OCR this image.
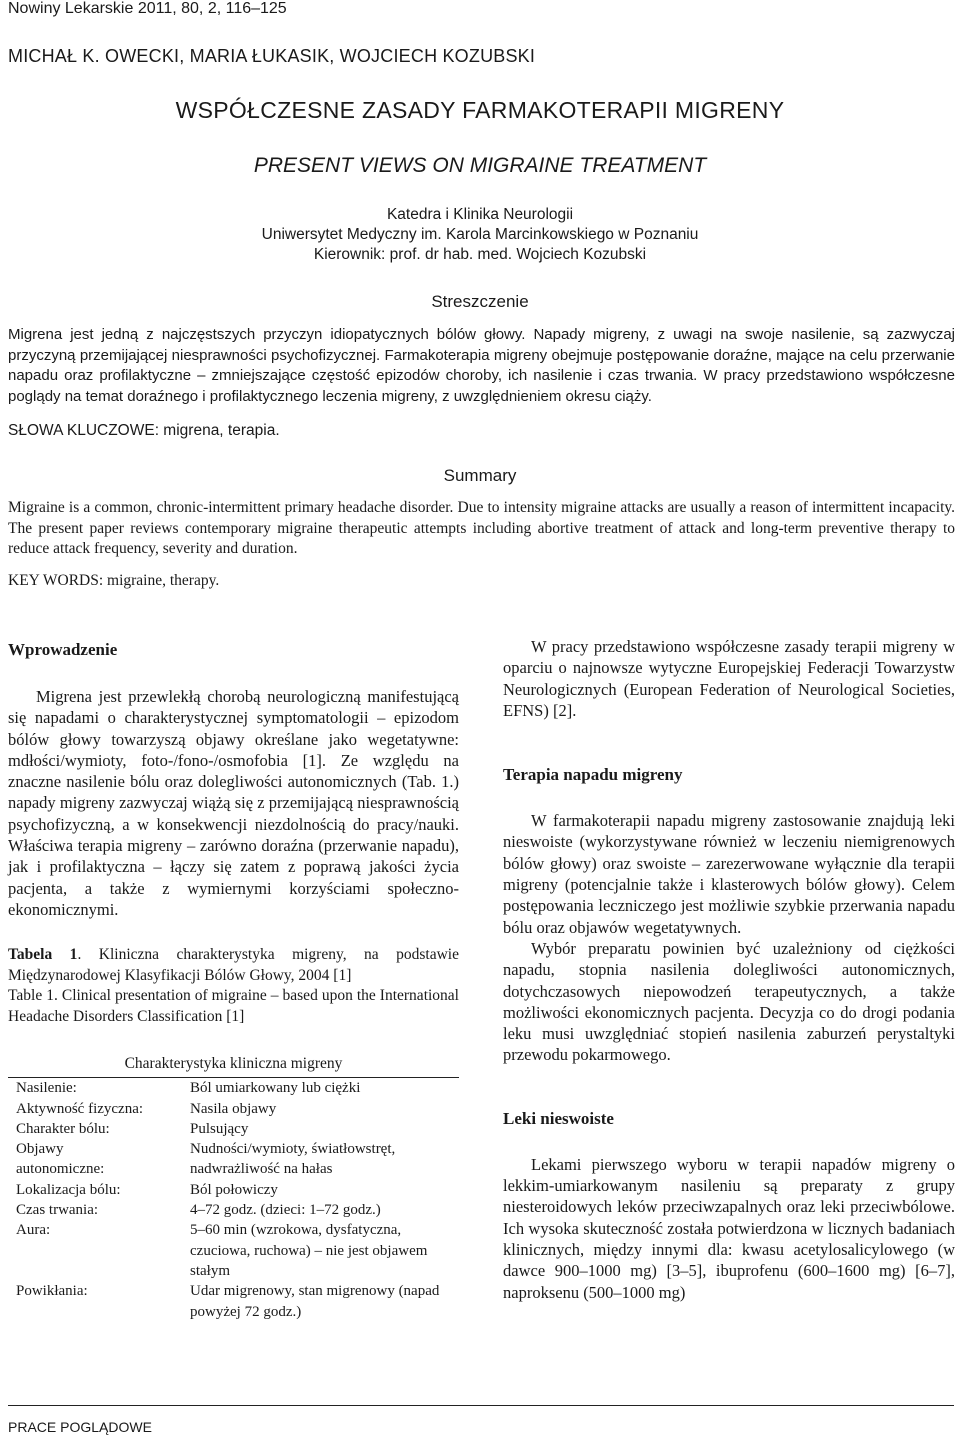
Nowiny Lekarskie 2011, 80, 2, 116–125
MICHAŁ K. OWECKI, MARIA ŁUKASIK, WOJCIECH KOZUBSKI
WSPÓŁCZESNE ZASADY FARMAKOTERAPII MIGRENY
PRESENT VIEWS ON MIGRAINE TREATMENT
Katedra i Klinika Neurologii
Uniwersytet Medyczny im. Karola Marcinkowskiego w Poznaniu
Kierownik: prof. dr hab. med. Wojciech Kozubski
Streszczenie
Migrena jest jedną z najczęstszych przyczyn idiopatycznych bólów głowy. Napady migreny, z uwagi na swoje nasilenie, są zazwyczaj przyczyną przemijającej niesprawności psychofizycznej. Farmakoterapia migreny obejmuje postępowanie doraźne, mające na celu przerwanie napadu oraz profilaktyczne – zmniejszające częstość epizodów choroby, ich nasilenie i czas trwania. W pracy przedstawiono współczesne poglądy na temat doraźnego i profilaktycznego leczenia migreny, z uwzględnieniem okresu ciąży.
SŁOWA KLUCZOWE: migrena, terapia.
Summary
Migraine is a common, chronic-intermittent primary headache disorder. Due to intensity migraine attacks are usually a reason of intermittent incapacity. The present paper reviews contemporary migraine therapeutic attempts including abortive treatment of attack and long-term preventive therapy to reduce attack frequency, severity and duration.
KEY WORDS: migraine, therapy.
Wprowadzenie

Migrena jest przewlekłą chorobą neurologiczną manifestującą się napadami o charakterystycznej symptomatologii – epizodom bólów głowy towarzyszą objawy określane jako wegetatywne: mdłości/wymioty, foto-/fono-/osmofobia [1]. Ze względu na znaczne nasilenie bólu oraz dolegliwości autonomicznych (Tab. 1.) napady migreny zazwyczaj wiążą się z przemijającą niesprawnością psychofizyczną, a w konsekwencji niezdolnością do pracy/nauki. Właściwa terapia migreny – zarówno doraźna (przerwanie napadu), jak i profilaktyczna – łączy się zatem z poprawą jakości życia pacjenta, a także z wymiernymi korzyściami społeczno-ekonomicznymi.

Tabela 1. Kliniczna charakterystyka migreny, na podstawie Międzynarodowej Klasyfikacji Bólów Głowy, 2004 [1]

Table 1. Clinical presentation of migraine – based upon the International Headache Disorders Classification [1]

Charakterystyka kliniczna migreny

Nasilenie:	Ból umiarkowany lub ciężki
Aktywność fizyczna:	Nasila objawy
Charakter bólu:	Pulsujący
Objawy autonomiczne:	Nudności/wymioty, światłowstręt, nadwrażliwość na hałas
Lokalizacja bólu:	Ból połowiczy
Czas trwania:	4–72 godz. (dzieci: 1–72 godz.)
Aura:	5–60 min (wzrokowa, dysfatyczna, czuciowa, ruchowa) – nie jest objawem stałym
Powikłania:	Udar migrenowy, stan migrenowy (napad powyżej 72 godz.)

W pracy przedstawiono współczesne zasady terapii migreny w oparciu o najnowsze wytyczne Europejskiej Federacji Towarzystw Neurologicznych (European Federation of Neurological Societies, EFNS) [2].

Terapia napadu migreny

W farmakoterapii napadu migreny zastosowanie znajdują leki nieswoiste (wykorzystywane również w leczeniu niemigrenowych bólów głowy) oraz swoiste – zarezerwowane wyłącznie dla terapii migreny (potencjalnie także i klasterowych bólów głowy). Celem postępowania leczniczego jest możliwie szybkie przerwania napadu bólu oraz objawów wegetatywnych.

Wybór preparatu powinien być uzależniony od ciężkości napadu, stopnia nasilenia dolegliwości autonomicznych, dotychczasowych niepowodzeń terapeutycznych, a także możliwości ekonomicznych pacjenta. Decyzja co do drogi podania leku musi uwzględniać stopień nasilenia zaburzeń perystaltyki przewodu pokarmowego.

Leki nieswoiste

Lekami pierwszego wyboru w terapii napadów migreny o lekkim-umiarkowanym nasileniu są preparaty z grupy niesteroidowych leków przeciwzapalnych oraz leki przeciwbólowe. Ich wysoka skuteczność została potwierdzona w licznych badaniach klinicznych, między innymi dla: kwasu acetylosalicylowego (w dawce 900–1000 mg) [3–5], ibuprofenu (600–1600 mg) [6–7], naproksenu (500–1000 mg)

PRACE POGLĄDOWE
